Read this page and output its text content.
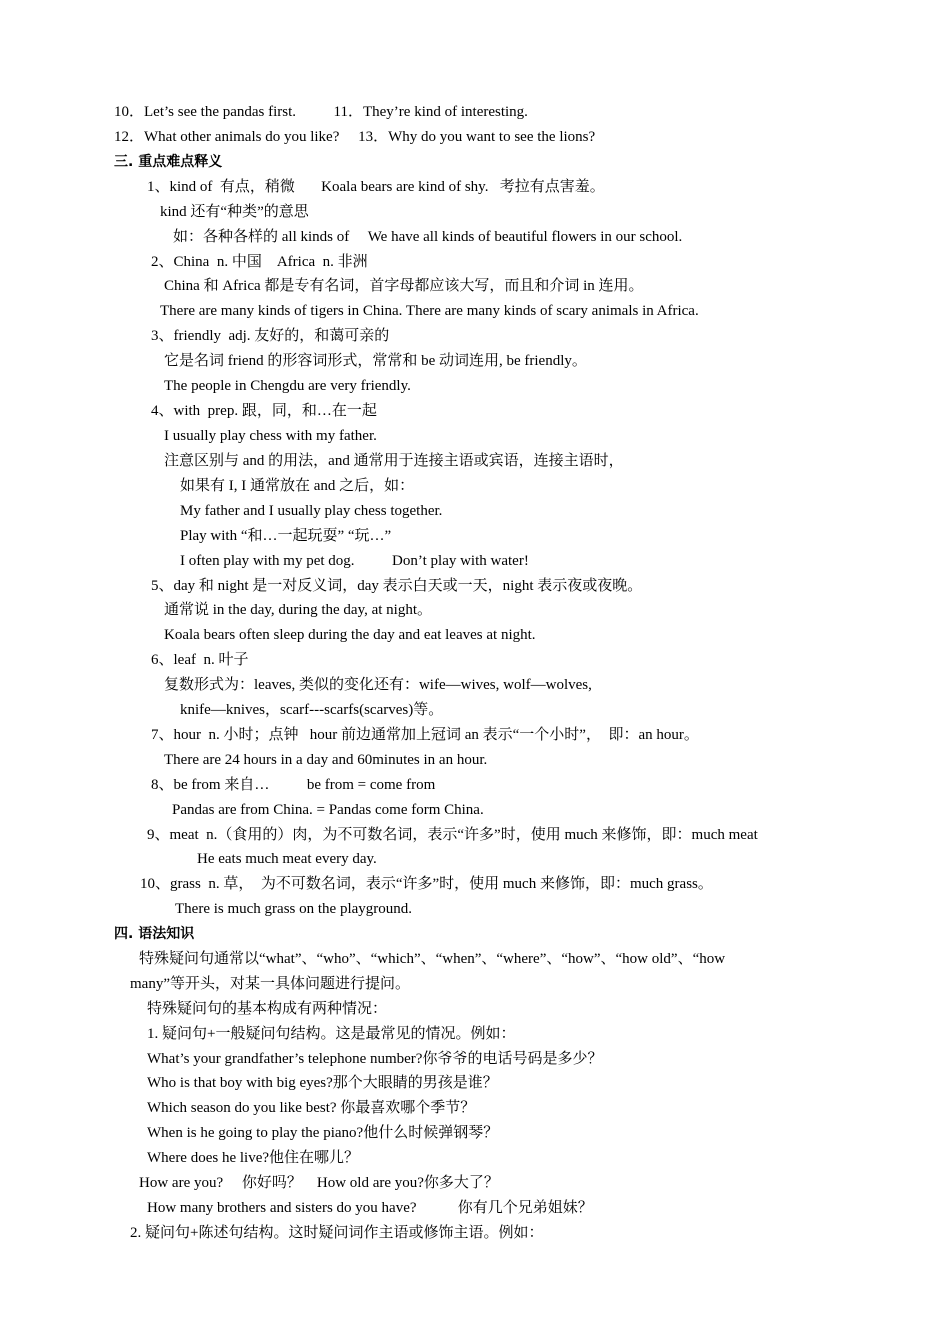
10．Let’s see the pandas first.          11．They’re kind of interesting.
12．What other animals do you like?     13．Why do you want to see the lions?
三. 重点难点释义
1、kind of  有点，稍微       Koala bears are kind of shy.   考拉有点害羞。
kind 还有“种类”的意思
如：各种各样的 all kinds of     We have all kinds of beautiful flowers in our school.
2、China  n. 中国    Africa  n. 非洲
China 和 Africa 都是专有名词，首字母都应该大写，而且和介词 in 连用。
There are many kinds of tigers in China. There are many kinds of scary animals in Africa.
3、friendly  adj. 友好的，和蔼可亲的
它是名词 friend 的形容词形式，常常和 be 动词连用, be friendly。
The people in Chengdu are very friendly.
4、with  prep. 跟，同，和…在一起
I usually play chess with my father.
注意区别与 and 的用法，and 通常用于连接主语或宾语，连接主语时，
如果有 I, I 通常放在 and 之后，如：
My father and I usually play chess together.
Play with “和…一起玩耍” “玩…”
I often play with my pet dog.          Don’t play with water!
5、day 和 night 是一对反义词，day 表示白天或一天，night 表示夜或夜晚。
通常说 in the day, during the day, at night。
Koala bears often sleep during the day and eat leaves at night.
6、leaf  n. 叶子
复数形式为：leaves, 类似的变化还有：wife—wives, wolf—wolves,
knife—knives，scarf---scarfs(scarves)等。
7、hour  n. 小时；点钟   hour 前边通常加上冠词 an 表示“一个小时”，  即：an hour。
There are 24 hours in a day and 60minutes in an hour.
8、be from 来自…          be from = come from
Pandas are from China. = Pandas come form China.
9、meat  n.（食用的）肉，为不可数名词，表示“许多”时，使用 much 来修饰，即：much meat
He eats much meat every day.
10、grass  n. 草，  为不可数名词，表示“许多”时，使用 much 来修饰，即：much grass。
There is much grass on the playground.
四. 语法知识
特殊疑问句通常以“what”、“who”、“which”、“when”、“where”、“how”、“how old”、“how
many”等开头，对某一具体问题进行提问。
特殊疑问句的基本构成有两种情况：
1. 疑问句+一般疑问句结构。这是最常见的情况。例如：
What’s your grandfather’s telephone number?你爷爷的电话号码是多少？
Who is that boy with big eyes?那个大眼睛的男孩是谁？
Which season do you like best? 你最喜欢哪个季节？
When is he going to play the piano?他什么时候弹钢琴？
Where does he live?他住在哪儿？
How are you?     你好吗？    How old are you?你多大了？
How many brothers and sisters do you have?           你有几个兄弟姐妹？
2. 疑问句+陈述句结构。这时疑问词作主语或修饰主语。例如：
